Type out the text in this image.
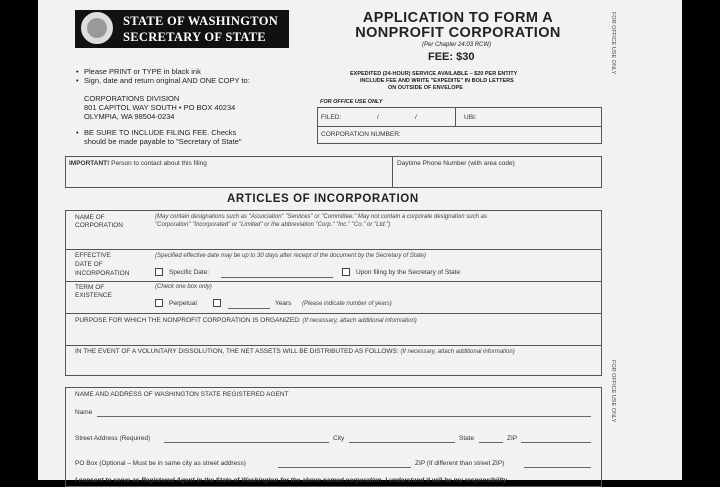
STATE OF WASHINGTON
SECRETARY OF STATE
• Please PRINT or TYPE in black ink
• Sign, date and return original AND ONE COPY to:
CORPORATIONS DIVISION
801 CAPITOL WAY SOUTH • PO BOX 40234
OLYMPIA, WA 98504-0234
• BE SURE TO INCLUDE FILING FEE. Checks
should be made payable to "Secretary of State"
APPLICATION TO FORM A
NONPROFIT CORPORATION
(Per Chapter 24.03 RCW)
FEE: $30
EXPEDITED (24-HOUR) SERVICE AVAILABLE – $20 PER ENTITY
INCLUDE FEE AND WRITE "EXPEDITE" IN BOLD LETTERS
ON OUTSIDE OF ENVELOPE
FOR OFFICE USE ONLY
FILED:	/	/	UBI:
CORPORATION NUMBER:
IMPORTANT! Person to contact about this filing	Daytime Phone Number (with area code)
ARTICLES OF INCORPORATION
NAME OF
CORPORATION
(May contain designations such as "Association" "Services" or "Committee." May not contain a corporate designation such as
"Corporation" "Incorporated" or "Limited" or the abbreviation "Corp." "Inc." "Co." or "Ltd.")
EFFECTIVE
DATE OF
INCORPORATION
(Specified effective date may be up to 30 days after receipt of the document by the Secretary of State)
Specific Date:	Upon filing by the Secretary of State
TERM OF
EXISTENCE
(Check one box only)
Perpetual	Years (Please indicate number of years)
PURPOSE FOR WHICH THE NONPROFIT CORPORATION IS ORGANIZED: (If necessary, attach additional information)
IN THE EVENT OF A VOLUNTARY DISSOLUTION, THE NET ASSETS WILL BE DISTRIBUTED AS FOLLOWS: (If necessary, attach additional information)
NAME AND ADDRESS OF WASHINGTON STATE REGISTERED AGENT
Name
Street Address (Required)	City	State	ZIP
PO Box (Optional – Must be in same city as street address)	ZIP (If different than street ZIP)
I consent to serve as Registered Agent in the State of Washington for the above named corporation. I understand it will be my responsibility
FOR OFFICE USE ONLY
FOR OFFICE USE ONLY
